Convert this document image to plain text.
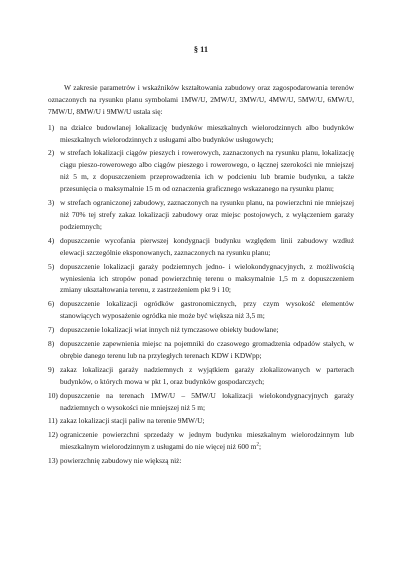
§ 11

W zakresie parametrów i wskaźników kształtowania zabudowy oraz zagospodarowania terenów oznaczonych na rysunku planu symbolami 1MW/U, 2MW/U, 3MW/U, 4MW/U, 5MW/U, 6MW/U, 7MW/U, 8MW/U i 9MW/U ustala się:

1) na działce budowlanej lokalizację budynków mieszkalnych wielorodzinnych albo budynków mieszkalnych wielorodzinnych z usługami albo budynków usługowych;
2) w strefach lokalizacji ciągów pieszych i rowerowych, zaznaczonych na rysunku planu, lokalizację ciągu pieszo-rowerowego albo ciągów pieszego i rowerowego, o łącznej szerokości nie mniejszej niż 5 m, z dopuszczeniem przeprowadzenia ich w podcieniu lub bramie budynku, a także przesunięcia o maksymalnie 15 m od oznaczenia graficznego wskazanego na rysunku planu;
3) w strefach ograniczonej zabudowy, zaznaczonych na rysunku planu, na powierzchni nie mniejszej niż 70% tej strefy zakaz lokalizacji zabudowy oraz miejsc postojowych, z wyłączeniem garaży podziemnych;
4) dopuszczenie wycofania pierwszej kondygnacji budynku względem linii zabudowy wzdłuż elewacji szczególnie eksponowanych, zaznaczonych na rysunku planu;
5) dopuszczenie lokalizacji garaży podziemnych jedno- i wielokondygnacyjnych, z możliwością wyniesienia ich stropów ponad powierzchnię terenu o maksymalnie 1,5 m z dopuszczeniem zmiany ukształtowania terenu, z zastrzeżeniem pkt 9 i 10;
6) dopuszczenie lokalizacji ogródków gastronomicznych, przy czym wysokość elementów stanowiących wyposażenie ogródka nie może być większa niż 3,5 m;
7) dopuszczenie lokalizacji wiat innych niż tymczasowe obiekty budowlane;
8) dopuszczenie zapewnienia miejsc na pojemniki do czasowego gromadzenia odpadów stałych, w obrębie danego terenu lub na przyległych terenach KDW i KDWpp;
9) zakaz lokalizacji garaży nadziemnych z wyjątkiem garaży zlokalizowanych w parterach budynków, o których mowa w pkt 1, oraz budynków gospodarczych;
10) dopuszczenie na terenach 1MW/U – 5MW/U lokalizacji wielokondygnacyjnych garaży nadziemnych o wysokości nie mniejszej niż 5 m;
11) zakaz lokalizacji stacji paliw na terenie 9MW/U;
12) ograniczenie powierzchni sprzedaży w jednym budynku mieszkalnym wielorodzinnym lub mieszkalnym wielorodzinnym z usługami do nie więcej niż 600 $m^2$;
13) powierzchnię zabudowy nie większą niż:
